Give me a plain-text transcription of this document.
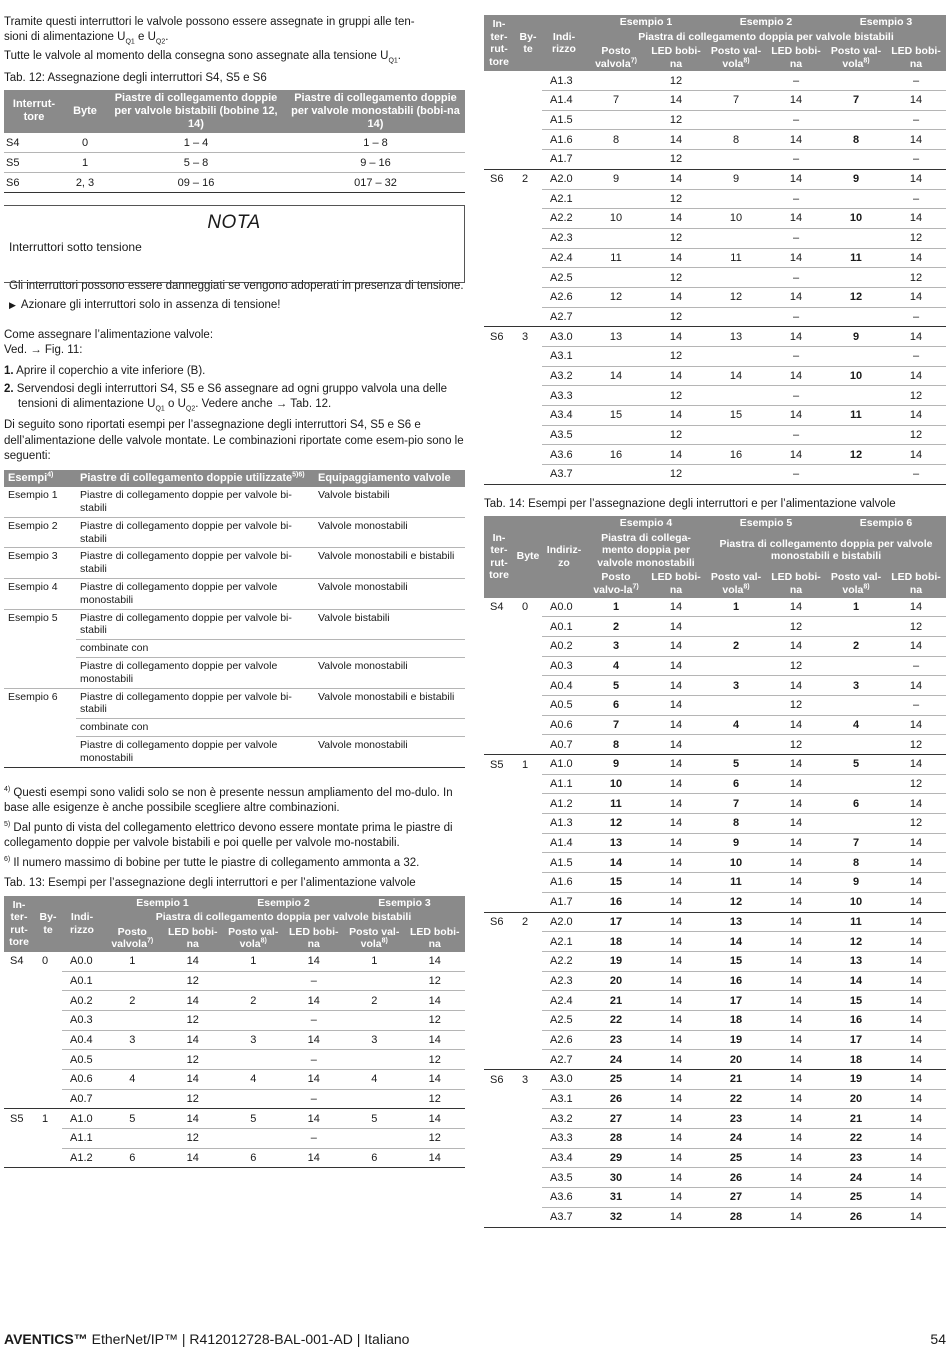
Tramite questi interruttori le valvole possono essere assegnate in gruppi alle ten-
sioni di alimentazione $U_{Q1}$ e $U_{Q2}$.

Tutte le valvole al momento della consegna sono assegnate alla tensione $U_{Q1}$.

Tab. 12: Assegnazione degli interruttori S4, S5 e S6

Interrut-tore	Byte	Piastre di collegamento doppie per valvole bistabili (bobine 12, 14)	Piastre di collegamento doppie per valvole monostabili (bobi-na 14)
S4	0	1 – 4	1 – 8
S5	1	5 – 8	9 – 16
S6	2, 3	09 – 16	017 – 32
NOTA
Interruttori sotto tensione

Gli interruttori possono essere danneggiati se vengono adoperati in presenza di tensione.

▶ Azionare gli interruttori solo in assenza di tensione!

Come assegnare l’alimentazione valvole:

Ved. → Fig. 11:

1. Aprire il coperchio a vite inferiore (B).
2. Servendosi degli interruttori S4, S5 e S6 assegnare ad ogni gruppo valvola una delle tensioni di alimentazione $U_{Q1}$ o $U_{Q2}$. Vedere anche → Tab. 12.

Di seguito sono riportati esempi per l’assegnazione degli interruttori S4, S5 e S6 e dell’alimentazione delle valvole montate. Le combinazioni riportate come esem-pio sono le seguenti:

Esempi$^{4)}$	Piastre di collegamento doppie utilizzate$^{5)6)}$	Equipaggiamento valvole
Esempio 1	Piastre di collegamento doppie per valvole bi-stabili	Valvole bistabili
Esempio 2	Piastre di collegamento doppie per valvole bi-stabili	Valvole monostabili
Esempio 3	Piastre di collegamento doppie per valvole bi-stabili	Valvole monostabili e bistabili
Esempio 4	Piastre di collegamento doppie per valvole monostabili	Valvole monostabili
Esempio 5	Piastre di collegamento doppie per valvole bi-stabili	Valvole bistabili
	combinate con	
	Piastre di collegamento doppie per valvole monostabili	Valvole monostabili
Esempio 6	Piastre di collegamento doppie per valvole bi-stabili	Valvole monostabili e bistabili
	combinate con	
	Piastre di collegamento doppie per valvole monostabili	Valvole monostabili
$^{4)}$ Questi esempi sono validi solo se non è presente nessun ampliamento del mo-dulo. In base alle esigenze è anche possibile scegliere altre combinazioni.
$^{5)}$ Dal punto di vista del collegamento elettrico devono essere montate prima le piastre di collegamento doppie per valvole bistabili e poi quelle per valvole mo-nostabili.
$^{6)}$ Il numero massimo di bobine per tutte le piastre di collegamento ammonta a 32.

Tab. 13: Esempi per l’assegnazione degli interruttori e per l’alimentazione valvole

In-ter-rut-tore	By-te	Indi-rizzo	Esempio 1		Esempio 2		Esempio 3	
			Piastra di collegamento doppia per valvole bistabili					
			Posto valvola$^{7)}$	LED bobi-na	Posto val-vola$^{8)}$	LED bobi-na	Posto val-vola$^{8)}$	LED bobi-na
S4	0	A0.0	1	14	1	14	1	14
		A0.1		12		–		12
		A0.2	2	14	2	14	2	14
		A0.3		12		–		12
		A0.4	3	14	3	14	3	14
		A0.5		12		–		12
		A0.6	4	14	4	14	4	14
		A0.7		12		–		12
S5	1	A1.0	5	14	5	14	5	14
		A1.1		12		–		12
		A1.2	6	14	6	14	6	14
In-ter-rut-tore	By-te	Indi-rizzo	Esempio 1		Esempio 2		Esempio 3	
			Piastra di collegamento doppia per valvole bistabili					
			Posto valvola$^{7)}$	LED bobi-na	Posto val-vola$^{8)}$	LED bobi-na	Posto val-vola$^{8)}$	LED bobi-na
		A1.3		12		–		–
		A1.4	7	14	7	14	7	14
		A1.5		12		–		–
		A1.6	8	14	8	14	8	14
		A1.7		12		–		–
S6	2	A2.0	9	14	9	14	9	14
		A2.1		12		–		–
		A2.2	10	14	10	14	10	14
		A2.3		12		–		12
		A2.4	11	14	11	14	11	14
		A2.5		12		–		12
		A2.6	12	14	12	14	12	14
		A2.7		12		–		–
S6	3	A3.0	13	14	13	14	9	14
		A3.1		12		–		–
		A3.2	14	14	14	14	10	14
		A3.3		12		–		12
		A3.4	15	14	15	14	11	14
		A3.5		12		–		12
		A3.6	16	14	16	14	12	14
		A3.7		12		–		–

Tab. 14: Esempi per l’assegnazione degli interruttori e per l’alimentazione valvole

In-ter-rut-tore	Byte	Indiriz-zo	Esempio 4		Esempio 5		Esempio 6	
			Piastra di collega-mento doppia per valvole monostabili		Piastra di collegamento doppia per valvole monostabili e bistabili			
			Posto valvo-$la^{7)}$	LED bobi-na	Posto val-vola$^{8)}$	LED bobi-na	Posto val-vola$^{8)}$	LED bobi-na
S4	0	A0.0	1	14	1	14	1	14
		A0.1	2	14		12		12
		A0.2	3	14	2	14	2	14
		A0.3	4	14		12		–
		A0.4	5	14	3	14	3	14
		A0.5	6	14		12		–
		A0.6	7	14	4	14	4	14
		A0.7	8	14		12		12
S5	1	A1.0	9	14	5	14	5	14
		A1.1	10	14	6	14		12
		A1.2	11	14	7	14	6	14
		A1.3	12	14	8	14		12
		A1.4	13	14	9	14	7	14
		A1.5	14	14	10	14	8	14
		A1.6	15	14	11	14	9	14
		A1.7	16	14	12	14	10	14
S6	2	A2.0	17	14	13	14	11	14
		A2.1	18	14	14	14	12	14
		A2.2	19	14	15	14	13	14
		A2.3	20	14	16	14	14	14
		A2.4	21	14	17	14	15	14
		A2.5	22	14	18	14	16	14
		A2.6	23	14	19	14	17	14
		A2.7	24	14	20	14	18	14
S6	3	A3.0	25	14	21	14	19	14
		A3.1	26	14	22	14	20	14
		A3.2	27	14	23	14	21	14
		A3.3	28	14	24	14	22	14
		A3.4	29	14	25	14	23	14
		A3.5	30	14	26	14	24	14
		A3.6	31	14	27	14	25	14
		A3.7	32	14	28	14	26	14
AVENTICS™ EtherNet/IP™ | R412012728-BAL-001-AD | Italiano	54
